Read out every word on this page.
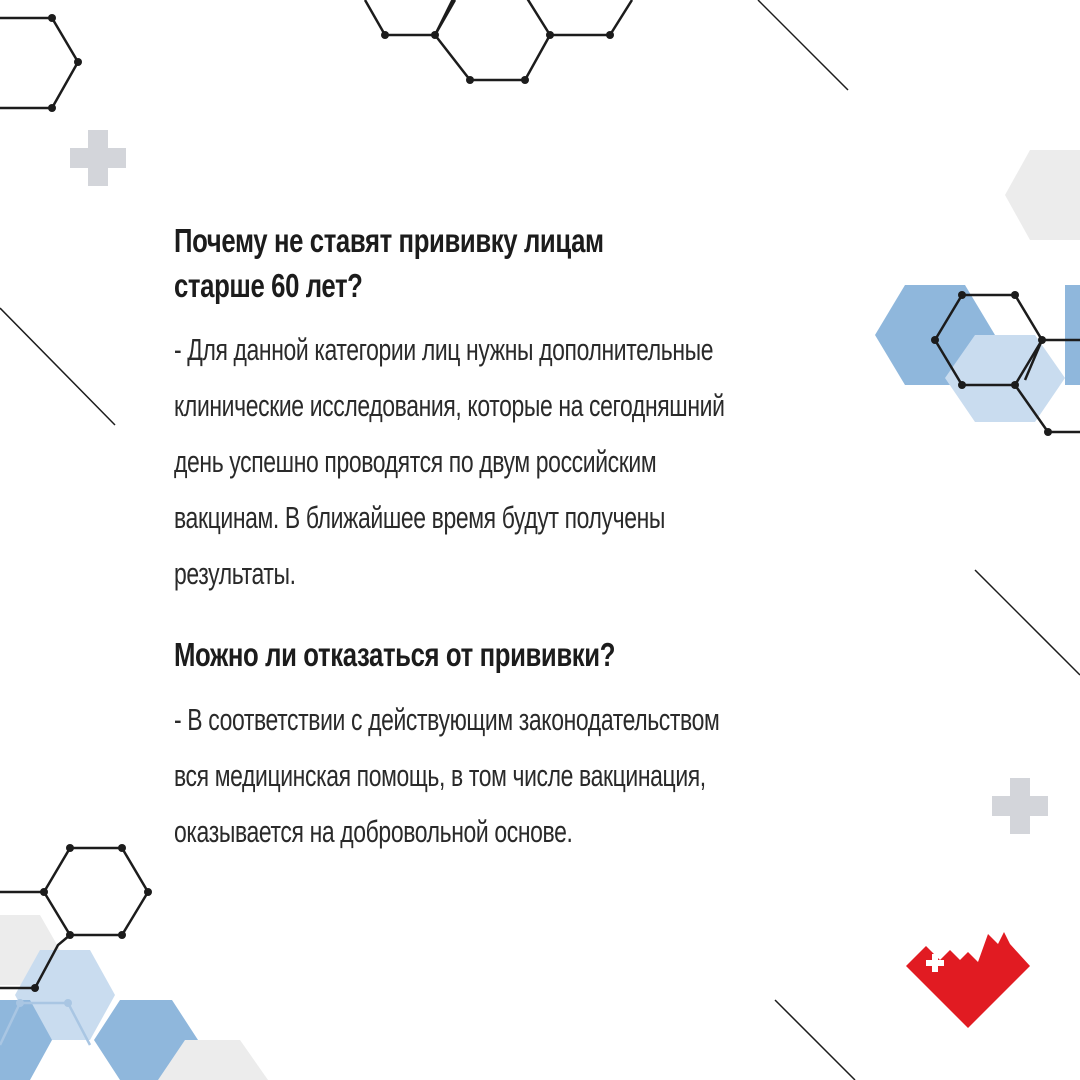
Почему не ставят прививку лицам
старше 60 лет?
- Для данной категории лиц нужны дополнительные
клинические исследования, которые на сегодняшний
день успешно проводятся по двум российским
вакцинам. В ближайшее время будут получены
результаты.
Можно ли отказаться от прививки?
- В соответствии с действующим законодательством
вся медицинская помощь, в том числе вакцинация,
оказывается на добровольной основе.
